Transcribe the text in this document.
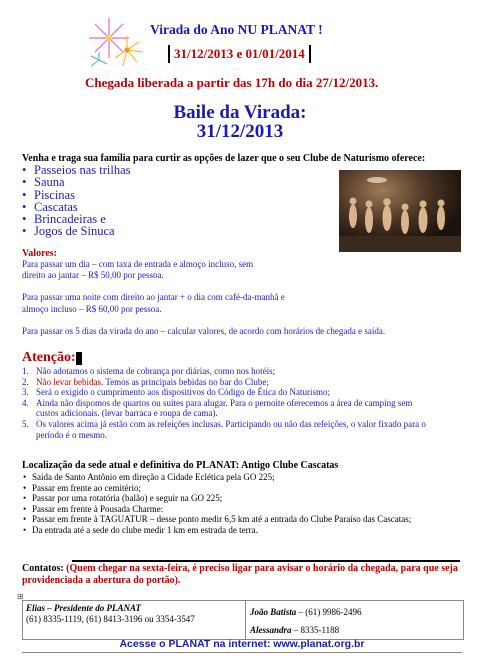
Virada do Ano NU PLANAT !
31/12/2013 e 01/01/2014
Chegada liberada a partir das 17h do dia 27/12/2013.
Baile da Virada:
31/12/2013
Venha e traga sua família para curtir as opções de lazer que o seu Clube de Naturismo oferece:
• Passeios nas trilhas
• Sauna
• Piscinas
• Cascatas
• Brincadeiras e
• Jogos de Sinuca
Valores:
Para passar um dia – com taxa de entrada e almoço incluso, sem
direito ao jantar – R$ 50,00 por pessoa.
Para passar uma noite com direito ao jantar + o dia com café-da-manhã e
almoço incluso – R$ 60,00 por pessoa.
Para passar os 5 dias da virada do ano – calcular valores, de acordo com horários de chegada e saída.
Atenção:
1. Não adotamos o sistema de cobrança por diárias, como nos hotéis;
2. Não levar bebidas. Temos as principais bebidas no bar do Clube;
3. Será o exigido o cumprimento aos dispositivos do Código de Ética do Naturismo;
4. Ainda não dispomos de quartos ou suítes para alugar. Para o pernoite oferecemos a área de camping sem custos adicionais. (levar barraca e roupa de cama).
5. Os valores acima já estão com as refeições inclusas. Participando ou não das refeições, o valor fixado para o período é o mesmo.
Localização da sede atual e definitiva do PLANAT: Antigo Clube Cascatas
• Saída de Santo Antônio em direção a Cidade Eclética pela GO 225;
• Passar em frente ao cemitério;
• Passar por uma rotatória (balão) e seguir na GO 225;
• Passar em frente à Pousada Charme:
• Passar em frente à TAGUATUR – desse ponto medir 6,5 km até a entrada do Clube Paraíso das Cascatas;
• Da entrada até a sede do clube medir 1 km em estrada de terra.
Contatos: (Quem chegar na sexta-feira, é preciso ligar para avisar o horário da chegada, para que seja providenciada a abertura do portão).
⊞
Elias – Presidente do PLANAT
(61) 8335-1119, (61) 8413-3196 ou 3354-3547
João Batista – (61) 9986-2496
Alessandra – 8335-1188
Acesse o PLANAT na internet: www.planat.org.br
